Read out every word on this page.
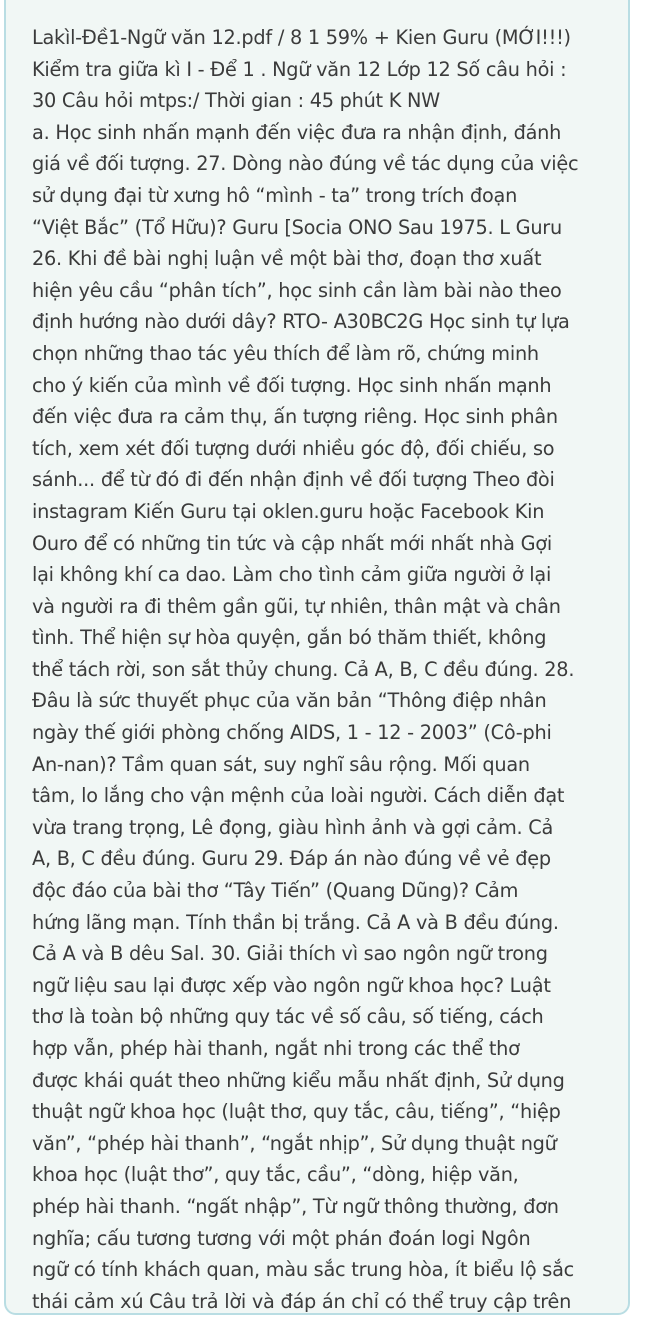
Lakìl-Đề1-Ngữ văn 12.pdf / 8 1 59% + Kien Guru (MỚI!!!)
Kiểm tra giữa kì I - Để 1 . Ngữ văn 12 Lớp 12 Số câu hỏi :
30 Câu hỏi mtps:/ Thời gian : 45 phút K NW
a. Học sinh nhấn mạnh đến việc đưa ra nhận định, đánh
giá về đối tượng. 27. Dòng nào đúng về tác dụng của việc
sử dụng đại từ xưng hô “mình - ta” trong trích đoạn
“Việt Bắc” (Tổ Hữu)? Guru [Socia ONO Sau 1975. L Guru
26. Khi đề bài nghị luận về một bài thơ, đoạn thơ xuất
hiện yêu cầu “phân tích”, học sinh cần làm bài nào theo
định hướng nào dưới dây? RTO- A30BC2G Học sinh tự lựa
chọn những thao tác yêu thích để làm rõ, chứng minh
cho ý kiến của mình về đối tượng. Học sinh nhấn mạnh
đến việc đưa ra cảm thụ, ấn tượng riêng. Học sinh phân
tích, xem xét đối tượng dưới nhiều góc độ, đối chiếu, so
sánh... để từ đó đi đến nhận định về đối tượng Theo đòi
instagram Kiến Guru tại oklen.guru hoặc Facebook Kin
Ouro để có những tin tức và cập nhất mới nhất nhà Gợi
lại không khí ca dao. Làm cho tình cảm giữa người ở lại
và người ra đi thêm gần gũi, tự nhiên, thân mật và chân
tình. Thể hiện sự hòa quyện, gắn bó thăm thiết, không
thể tách rời, son sắt thủy chung. Cả A, B, C đều đúng. 28.
Đâu là sức thuyết phục của văn bản “Thông điệp nhân
ngày thế giới phòng chống AIDS, 1 - 12 - 2003” (Cô-phi
An-nan)? Tầm quan sát, suy nghĩ sâu rộng. Mối quan
tâm, lo lắng cho vận mệnh của loài người. Cách diễn đạt
vừa trang trọng, Lê đọng, giàu hình ảnh và gợi cảm. Cả
A, B, C đều đúng. Guru 29. Đáp án nào đúng về vẻ đẹp
độc đáo của bài thơ “Tây Tiến” (Quang Dũng)? Cảm
hứng lãng mạn. Tính thần bị trắng. Cả A và B đều đúng.
Cả A và B dêu Sal. 30. Giải thích vì sao ngôn ngữ trong
ngữ liệu sau lại được xếp vào ngôn ngữ khoa học? Luật
thơ là toàn bộ những quy tác về số câu, số tiếng, cách
hợp vẫn, phép hài thanh, ngắt nhi trong các thể thơ
được khái quát theo những kiểu mẫu nhất định, Sử dụng
thuật ngữ khoa học (luật thơ, quy tắc, câu, tiếng”, “hiệp
văn”, “phép hài thanh”, “ngắt nhịp”, Sử dụng thuật ngữ
khoa học (luật thơ”, quy tắc, cầu”, “dòng, hiệp văn,
phép hài thanh. “ngất nhập”, Từ ngữ thông thường, đơn
nghĩa; cấu tương tương với một phán đoán logi Ngôn
ngữ có tính khách quan, màu sắc trung hòa, ít biểu lộ sắc
thái cảm xú Câu trả lời và đáp án chỉ có thể truy cập trên
